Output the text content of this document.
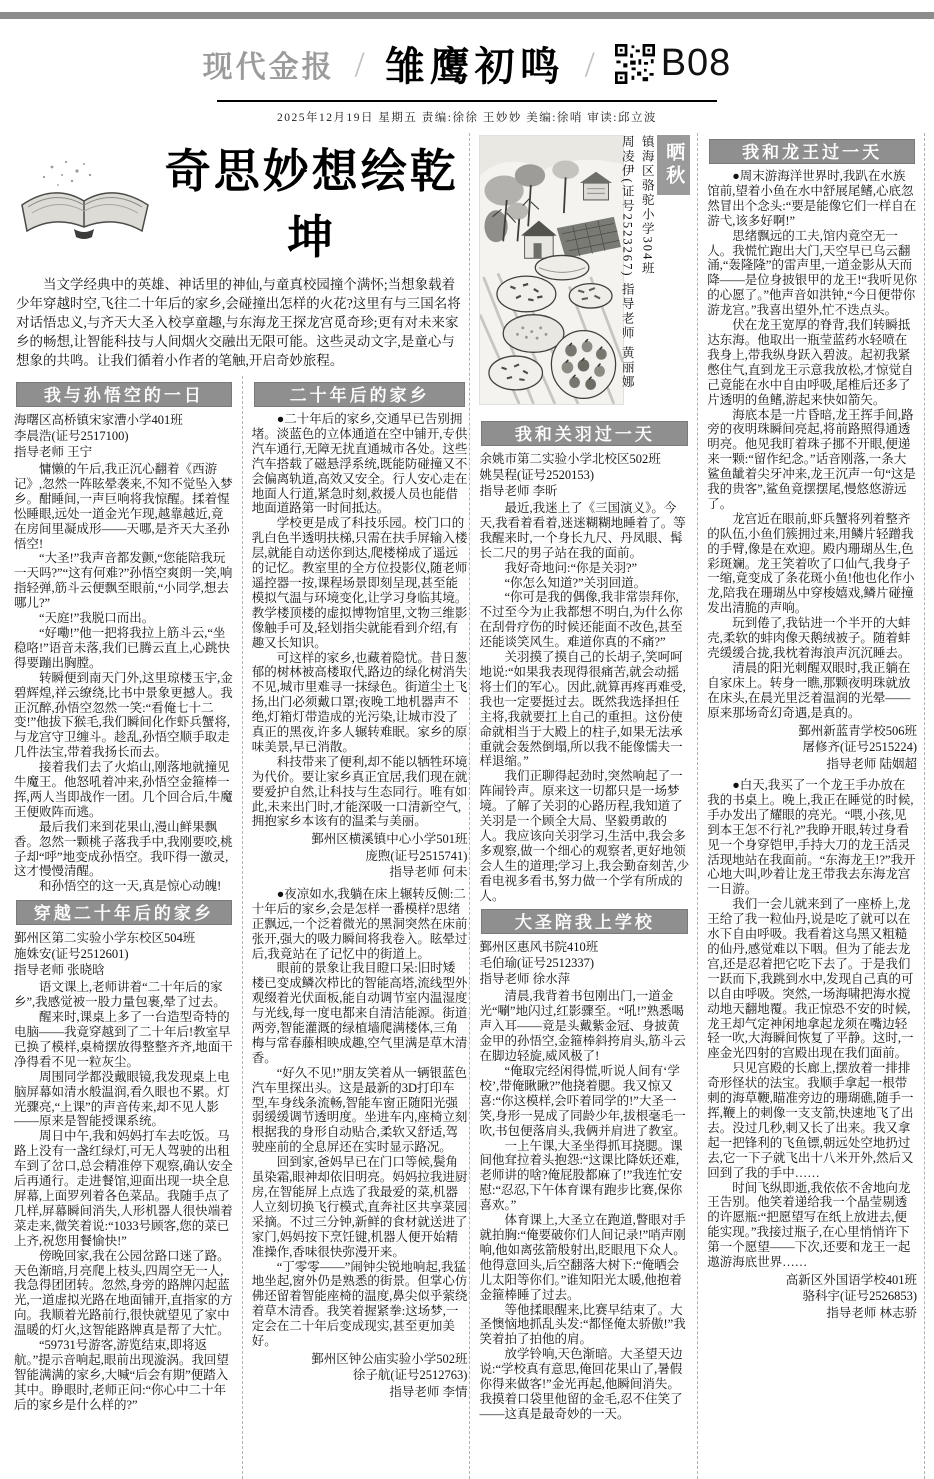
现代金报 / 雏鹰初鸣 / B08
2025年12月19日 星期五 责编:徐徐 王妙妙 美编:徐哨 审读:邱立波
奇思妙想绘乾坤

当文学经典中的英雄、神话里的神仙,与童真校园撞个满怀;当想象载着少年穿越时空,飞往二十年后的家乡,会碰撞出怎样的火花?这里有与三国名将对话悟忠义,与齐天大圣入校享童趣,与东海龙王探龙宫觅奇珍;更有对未来家乡的畅想,让智能科技与人间烟火交融出无限可能。这些灵动文字,是童心与想象的共鸣。让我们循着小作者的笔触,开启奇妙旅程。

我与孙悟空的一日
海曙区高桥镇宋家漕小学401班
李晨浩(证号2517100)
指导老师 王宁

慵懒的午后,我正沉心翻着《西游记》,忽然一阵眩晕袭来,不知不觉坠入梦乡。酣睡间,一声巨响将我惊醒。揉着惺忪睡眼,远处一道金光乍现,越靠越近,竟在房间里凝成形——天哪,是齐天大圣孙悟空!

“大圣!”我声音都发颤,“您能陪我玩一天吗?”“这有何难?”孙悟空爽朗一笑,响指轻弹,筋斗云便飘至眼前,“小同学,想去哪儿?”

“天庭!”我脱口而出。

“好嘞!”他一把将我拉上筋斗云,“坐稳咯!”语音未落,我们已腾云直上,心跳快得要蹦出胸膛。

转瞬便到南天门外,这里琼楼玉宇,金碧辉煌,祥云缭绕,比书中景象更撼人。我正沉醉,孙悟空忽然一笑:“看俺七十二变!”他拔下猴毛,我们瞬间化作虾兵蟹将,与龙宫守卫缠斗。趁乱,孙悟空顺手取走几件法宝,带着我扬长而去。

接着我们去了火焰山,刚落地就撞见牛魔王。他怒吼着冲来,孙悟空金箍棒一挥,两人当即战作一团。几个回合后,牛魔王便败阵而逃。

最后我们来到花果山,漫山鲜果飘香。忽然一颗桃子落我手中,我刚要咬,桃子却“呼”地变成孙悟空。我吓得一激灵,这才慢慢清醒。

和孙悟空的这一天,真是惊心动魄!

穿越二十年后的家乡
鄞州区第二实验小学东校区504班
施姝安(证号2512601)
指导老师 张晓晗

语文课上,老师讲着“二十年后的家乡”,我感觉被一股力量包裹,晕了过去。

醒来时,课桌上多了一台造型奇特的电脑——我竟穿越到了二十年后!教室早已换了模样,桌椅摆放得整整齐齐,地面干净得看不见一粒灰尘。

周围同学都没戴眼镜,我发现桌上电脑屏幕如清水般温润,看久眼也不累。灯光骤亮,“上课”的声音传来,却不见人影——原来是智能授课系统。

周日中午,我和妈妈打车去吃饭。马路上没有一盏红绿灯,可无人驾驶的出租车到了岔口,总会精准停下观察,确认安全后再通行。走进餐馆,迎面出现一块全息屏幕,上面罗列着各色菜品。我随手点了几样,屏幕瞬间消失,人形机器人很快端着菜走来,微笑着说:“1033号顾客,您的菜已上齐,祝您用餐愉快!”

傍晚回家,我在公园岔路口迷了路。天色渐暗,月亮爬上枝头,四周空无一人,我急得团团转。忽然,身旁的路牌闪起蓝光,一道虚拟光路在地面铺开,直指家的方向。我顺着光路前行,很快就望见了家中温暖的灯火,这智能路牌真是帮了大忙。

“59731号游客,游览结束,即将返航。”提示音响起,眼前出现漩涡。我回望智能满满的家乡,大喊“后会有期”便踏入其中。睁眼时,老师正问:“你心中二十年后的家乡是什么样的?”

二十年后的家乡

●二十年后的家乡,交通早已告别拥堵。淡蓝色的立体通道在空中铺开,专供汽车通行,无障无扰直通城市各处。这些汽车搭载了磁悬浮系统,既能防碰撞又不会偏离轨道,高效又安全。行人安心走在地面人行道,紧急时刻,救援人员也能借地面道路第一时间抵达。

学校更是成了科技乐园。校门口的乳白色半透明扶梯,只需在扶手屏输入楼层,就能自动送你到达,爬楼梯成了遥远的记忆。教室里的全方位投影仪,随老师遥控器一按,课程场景即刻呈现,甚至能模拟气温与环境变化,让学习身临其境。教学楼顶楼的虚拟博物馆里,文物三维影像触手可及,轻划指尖就能看到介绍,有趣又长知识。

可这样的家乡,也藏着隐忧。昔日葱郁的树林被高楼取代,路边的绿化树消失不见,城市里难寻一抹绿色。街道尘土飞扬,出门必须戴口罩;夜晚工地机器声不绝,灯箱灯带造成的光污染,让城市没了真正的黑夜,许多人辗转难眠。家乡的原味美景,早已消散。

科技带来了便利,却不能以牺牲环境为代价。要让家乡真正宜居,我们现在就要爱护自然,让科技与生态同行。唯有如此,未来出门时,才能深吸一口清新空气,拥抱家乡本该有的温柔与美丽。

鄞州区横溪镇中心小学501班
庞煦(证号2515741)
指导老师 何未

●夜凉如水,我躺在床上辗转反侧:二十年后的家乡,会是怎样一番模样?思绪正飘远,一个泛着微光的黑洞突然在床前张开,强大的吸力瞬间将我卷入。眩晕过后,我竟站在了记忆中的街道上。

眼前的景象让我目瞪口呆:旧时矮楼已变成鳞次栉比的智能高塔,流线型外观缀着光伏面板,能自动调节室内温湿度与光线,每一度电都来自清洁能源。街道两旁,智能灌溉的绿植墙爬满楼体,三角梅与常春藤相映成趣,空气里满是草木清香。

“好久不见!”朋友笑着从一辆银蓝色汽车里探出头。这是最新的3D打印车型,车身线条流畅,智能车窗正随阳光强弱缓缓调节透明度。坐进车内,座椅立刻根据我的身形自动贴合,柔软又舒适,驾驶座前的全息屏还在实时显示路况。

回到家,爸妈早已在门口等候,鬓角虽染霜,眼神却依旧明亮。妈妈拉我进厨房,在智能屏上点选了我最爱的菜,机器人立刻切换飞行模式,直奔社区共享菜园采摘。不过三分钟,新鲜的食材就送进了家门,妈妈按下烹饪键,机器人便开始精准操作,香味很快弥漫开来。

“丁零零——”闹钟尖锐地响起,我猛地坐起,窗外仍是熟悉的街景。但掌心仿佛还留着智能座椅的温度,鼻尖似乎萦绕着草木清香。我笑着握紧拳:这场梦,一定会在二十年后变成现实,甚至更加美好。

鄞州区钟公庙实验小学502班
徐子航(证号2512763)
指导老师 李情
晒秋
镇海区骆驼小学304班
周凌伊(证号2523267) 指导老师 黄丽娜
我和关羽过一天
余姚市第二实验小学北校区502班
姚昊程(证号2520153)
指导老师 李昕

最近,我迷上了《三国演义》。今天,我看着看着,迷迷糊糊地睡着了。等我醒来时,一个身长九尺、丹凤眼、髯长二尺的男子站在我的面前。

我好奇地问:“你是关羽?”

“你怎么知道?”关羽回道。

“你可是我的偶像,我非常崇拜你,不过至今为止我都想不明白,为什么你在刮骨疗伤的时候还能面不改色,甚至还能谈笑风生。难道你真的不痛?”

关羽摸了摸自己的长胡子,笑呵呵地说:“如果我表现得很痛苦,就会动摇将士们的军心。因此,就算再疼再难受,我也一定要挺过去。既然我选择担任主将,我就要扛上自己的重担。这份使命就相当于大殿上的柱子,如果无法承重就会轰然倒塌,所以我不能像懦夫一样退缩。”

我们正聊得起劲时,突然响起了一阵闹铃声。原来这一切都只是一场梦境。了解了关羽的心路历程,我知道了关羽是一个顾全大局、坚毅勇敢的人。我应该向关羽学习,生活中,我会多多观察,做一个细心的观察者,更好地领会人生的道理;学习上,我会勤奋刻苦,少看电视多看书,努力做一个学有所成的人。

大圣陪我上学校
鄞州区惠风书院410班
毛伯瑜(证号2512337)
指导老师 徐水萍

清晨,我背着书包刚出门,一道金光“唰”地闪过,红影骤至。“吼!”熟悉喝声入耳——竟是头戴紫金冠、身披黄金甲的孙悟空,金箍棒斜挎肩头,筋斗云在脚边轻旋,威风极了!

“俺取完经闲得慌,听说人间有‘学校’,带俺瞅瞅?”他挠着腮。我又惊又喜:“你这模样,会吓着同学的!”大圣一笑,身形一晃成了同龄少年,拔根毫毛一吹,书包便落肩头,我俩并肩进了教室。

一上午课,大圣坐得抓耳挠腮。课间他耷拉着头抱怨:“这课比降妖还难,老师讲的啥?俺屁股都麻了!”我连忙安慰:“忍忍,下午体育课有跑步比赛,保你喜欢。”

体育课上,大圣立在跑道,瞥眼对手就拍胸:“俺要破你们人间记录!”哨声刚响,他如离弦箭般射出,眨眼甩下众人。他得意回头,后空翻落大树下:“俺晒会儿太阳等你们。”谁知阳光太暖,他抱着金箍棒睡了过去。

等他揉眼醒来,比赛早结束了。大圣懊恼地抓乱头发:“都怪俺太骄傲!”我笑着拍了拍他的肩。

放学铃响,天色渐暗。大圣望天边说:“学校真有意思,俺回花果山了,暑假你得来做客!”金光再起,他瞬间消失。我摸着口袋里他留的金毛,忍不住笑了——这真是最奇妙的一天。

我和龙王过一天

●周末游海洋世界时,我趴在水族馆前,望着小鱼在水中舒展尾鳍,心底忽然冒出个念头:“要是能像它们一样自在游弋,该多好啊!”

思绪飘远的工夫,馆内竟空无一人。我慌忙跑出大门,天空早已乌云翻涌,“轰隆隆”的雷声里,一道金影从天而降——是位身披银甲的龙王!“我听见你的心愿了。”他声音如洪钟,“今日便带你游龙宫。”我喜出望外,忙不迭点头。

伏在龙王宽厚的脊背,我们转瞬抵达东海。他取出一瓶莹蓝药水轻喷在我身上,带我纵身跃入碧波。起初我紧憋住气,直到龙王示意我放松,才惊觉自己竟能在水中自由呼吸,尾椎后还多了片透明的鱼鳍,游起来快如箭矢。

海底本是一片昏暗,龙王挥手间,路旁的夜明珠瞬间亮起,将前路照得通透明亮。他见我盯着珠子挪不开眼,便递来一颗:“留作纪念。”话音刚落,一条大鲨鱼龇着尖牙冲来,龙王沉声一句“这是我的贵客”,鲨鱼竟摆摆尾,慢悠悠游远了。

龙宫近在眼前,虾兵蟹将列着整齐的队伍,小鱼们簇拥过来,用鳞片轻蹭我的手臂,像是在欢迎。殿内珊瑚丛生,色彩斑斓。龙王笑着吹了口仙气,我身子一缩,竟变成了条花斑小鱼!他也化作小龙,陪我在珊瑚丛中穿梭嬉戏,鳞片碰撞发出清脆的声响。

玩到倦了,我钻进一个半开的大蚌壳,柔软的蚌肉像天鹅绒被子。随着蚌壳缓缓合拢,我枕着海浪声沉沉睡去。

清晨的阳光刺醒双眼时,我正躺在自家床上。转身一瞧,那颗夜明珠就放在床头,在晨光里泛着温润的光晕——原来那场奇幻奇遇,是真的。

鄞州新蓝青学校506班
屠修齐(证号2515224)
指导老师 陆姻超

●白天,我买了一个龙王手办放在我的书桌上。晚上,我正在睡觉的时候,手办发出了耀眼的亮光。“喂,小孩,见到本王怎不行礼?”我睁开眼,转过身看见一个身穿铠甲,手持大刀的龙王活灵活现地站在我面前。“东海龙王!?”我开心地大叫,吵着让龙王带我去东海龙宫一日游。

我们一会儿就来到了一座桥上,龙王给了我一粒仙丹,说是吃了就可以在水下自由呼吸。我看着这乌黑又粗糙的仙丹,感觉难以下咽。但为了能去龙宫,还是忍着把它吃下去了。于是我们一跃而下,我跳到水中,发现自己真的可以自由呼吸。突然,一场海啸把海水搅动地天翻地覆。我正惊恐不安的时候,龙王却气定神闲地拿起龙须在嘴边轻轻一吹,大海瞬间恢复了平静。这时,一座金光四射的宫殿出现在我们面前。

只见宫殿的长廊上,摆放着一排排奇形怪状的法宝。我顺手拿起一根带刺的海草鞭,瞄准旁边的珊瑚礁,随手一挥,鞭上的刺像一支支箭,快速地飞了出去。没过几秒,刺又长了出来。我又拿起一把锋利的飞鱼镖,朝远处空地扔过去,它一下子就飞出十八米开外,然后又回到了我的手中……

时间飞纵即逝,我依依不舍地向龙王告别。他笑着递给我一个晶莹剔透的许愿瓶:“把愿望写在纸上放进去,便能实现。”我接过瓶子,在心里悄悄许下第一个愿望——下次,还要和龙王一起遨游海底世界……

高新区外国语学校401班
骆科宇(证号2526853)
指导老师 林志骄
